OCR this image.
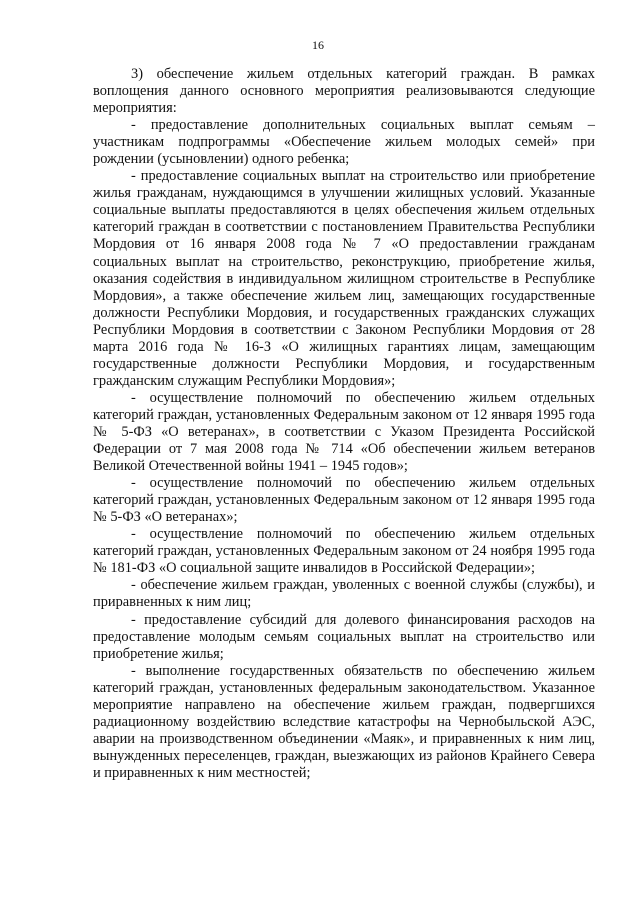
16

3) обеспечение жильем отдельных категорий граждан. В рамках воплощения данного основного мероприятия реализовываются следующие мероприятия:

- предоставление дополнительных социальных выплат семьям – участникам подпрограммы «Обеспечение жильем молодых семей» при рождении (усыновлении) одного ребенка;

- предоставление социальных выплат на строительство или приобретение жилья гражданам, нуждающимся в улучшении жилищных условий. Указанные социальные выплаты предоставляются в целях обеспечения жильем отдельных категорий граждан в соответствии с постановлением Правительства Республики Мордовия от 16 января 2008 года № 7 «О предоставлении гражданам социальных выплат на строительство, реконструкцию, приобретение жилья, оказания содействия в индивидуальном жилищном строительстве в Республике Мордовия», а также обеспечение жильем лиц, замещающих государственные должности Республики Мордовия, и государственных гражданских служащих Республики Мордовия в соответствии с Законом Республики Мордовия от 28 марта 2016 года № 16-З «О жилищных гарантиях лицам, замещающим государственные должности Республики Мордовия, и государственным гражданским служащим Республики Мордовия»;

- осуществление полномочий по обеспечению жильем отдельных категорий граждан, установленных Федеральным законом от 12 января 1995 года № 5-ФЗ «О ветеранах», в соответствии с Указом Президента Российской Федерации от 7 мая 2008 года № 714 «Об обеспечении жильем ветеранов Великой Отечественной войны 1941 – 1945 годов»;

- осуществление полномочий по обеспечению жильем отдельных категорий граждан, установленных Федеральным законом от 12 января 1995 года № 5-ФЗ «О ветеранах»;

- осуществление полномочий по обеспечению жильем отдельных категорий граждан, установленных Федеральным законом от 24 ноября 1995 года № 181-ФЗ «О социальной защите инвалидов в Российской Федерации»;

- обеспечение жильем граждан, уволенных с военной службы (службы), и приравненных к ним лиц;

- предоставление субсидий для долевого финансирования расходов на предоставление молодым семьям социальных выплат на строительство или приобретение жилья;

- выполнение государственных обязательств по обеспечению жильем категорий граждан, установленных федеральным законодательством. Указанное мероприятие направлено на обеспечение жильем граждан, подвергшихся радиационному воздействию вследствие катастрофы на Чернобыльской АЭС, аварии на производственном объединении «Маяк», и приравненных к ним лиц, вынужденных переселенцев, граждан, выезжающих из районов Крайнего Севера и приравненных к ним местностей;
